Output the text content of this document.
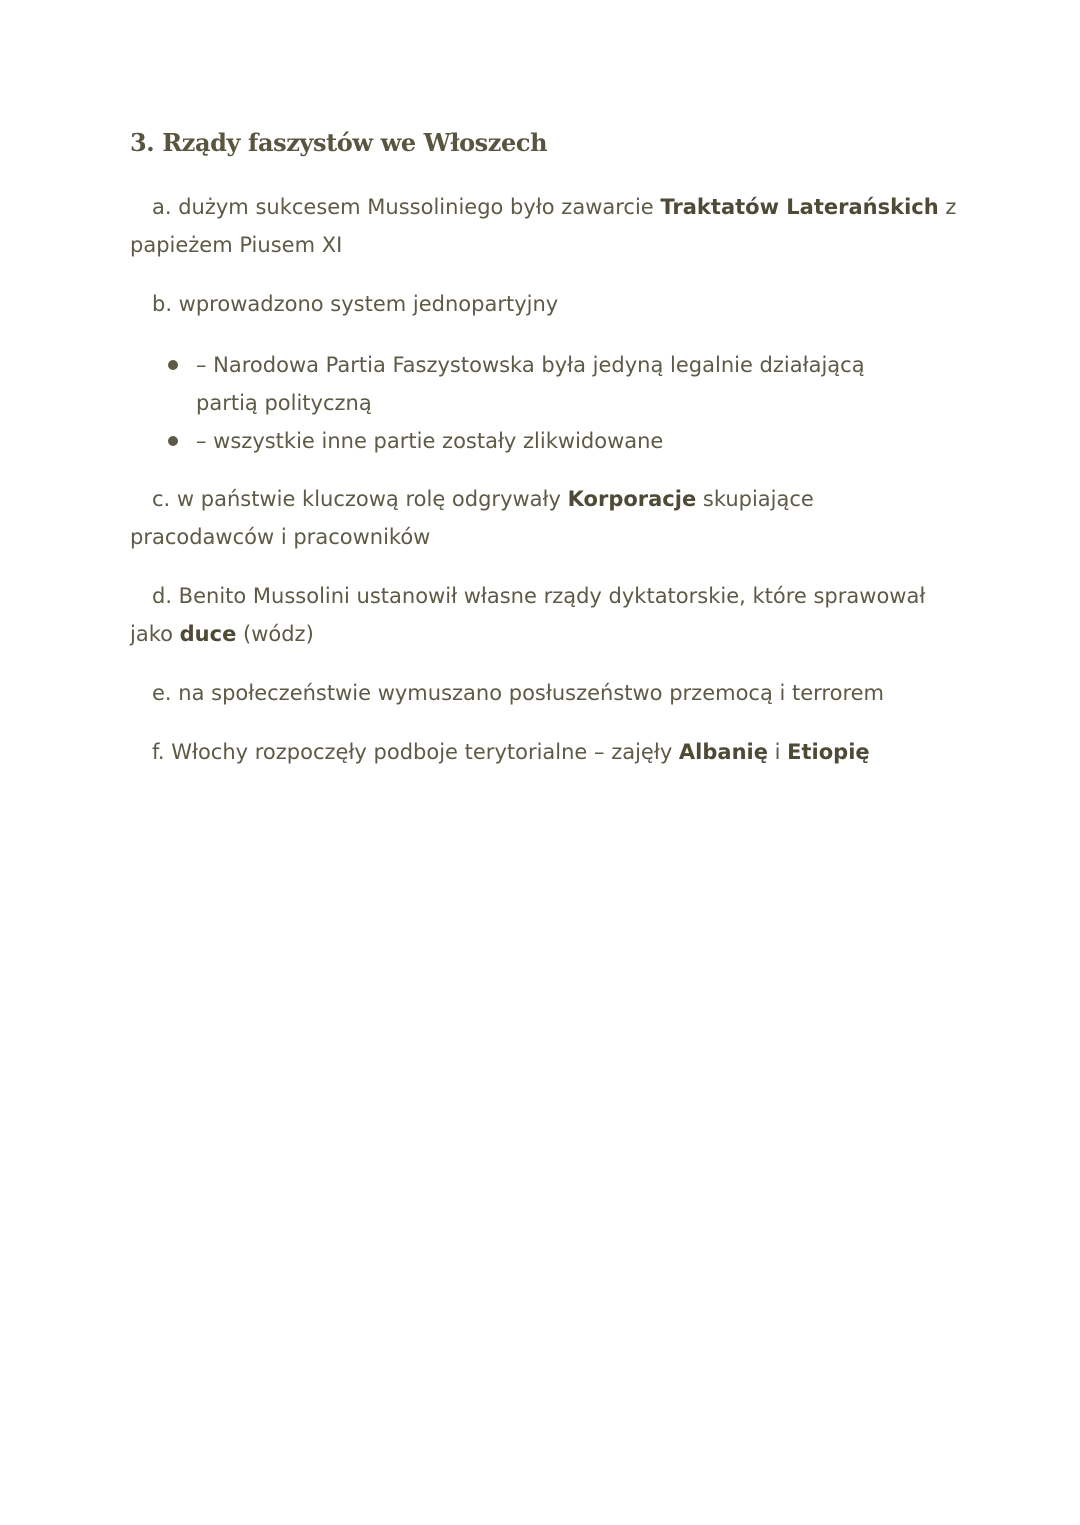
3. Rządy faszystów we Włoszech

a. dużym sukcesem Mussoliniego było zawarcie Traktatów Laterańskich z papieżem Piusem XI

b. wprowadzono system jednopartyjny

– Narodowa Partia Faszystowska była jedyną legalnie działającą partią polityczną
– wszystkie inne partie zostały zlikwidowane

c. w państwie kluczową rolę odgrywały Korporacje skupiające pracodawców i pracowników

d. Benito Mussolini ustanowił własne rządy dyktatorskie, które sprawował jako duce (wódz)

e. na społeczeństwie wymuszano posłuszeństwo przemocą i terrorem

f. Włochy rozpoczęły podboje terytorialne – zajęły Albanię i Etiopię
